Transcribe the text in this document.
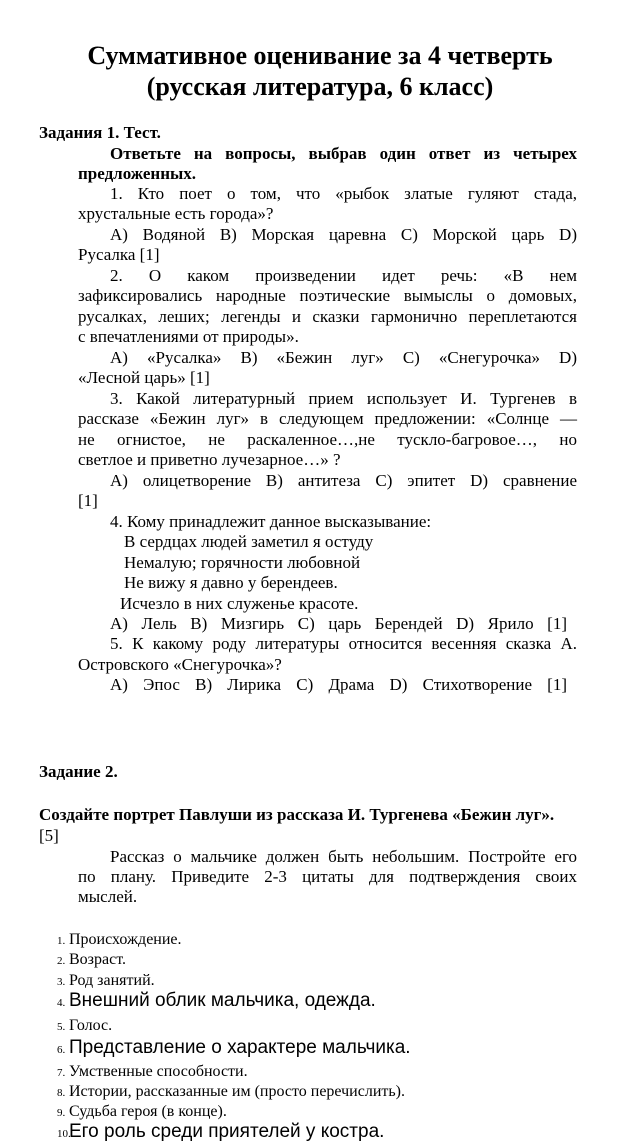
Суммативное оценивание за 4 четверть
(русская литература, 6 класс)
Задания 1. Тест.
Ответьте на вопросы, выбрав один ответ из четырех
предложенных.
1. Кто поет о том, что «рыбок златые гуляют стада,
хрустальные есть города»?
А) Водяной В) Морская царевна С) Морской царь D)
Русалка [1]
2. О каком произведении идет речь: «В нем
зафиксировались народные поэтические вымыслы о домовых,
русалках, леших; легенды и сказки гармонично переплетаются
с впечатлениями от природы».
А) «Русалка» В) «Бежин луг» С) «Снегурочка» D)
«Лесной царь» [1]
3. Какой литературный прием использует И. Тургенев в
рассказе «Бежин луг» в следующем предложении: «Солнце —
не огнистое, не раскаленное…,не тускло-багровое…, но
светлое и приветно лучезарное…» ?
А) олицетворение В) антитеза С) эпитет D) сравнение
[1]
4. Кому принадлежит данное высказывание:
В сердцах людей заметил я остуду
Немалую; горячности любовной
Не вижу я давно у берендеев.
Исчезло в них служенье красоте.
А) Лель В) Мизгирь С) царь Берендей D) Ярило [1]
5. К какому роду литературы относится весенняя сказка А.
Островского «Снегурочка»?
А) Эпос В) Лирика С) Драма D) Стихотворение [1]
Задание 2.
Создайте портрет Павлуши из рассказа И. Тургенева «Бежин луг».
[5]
Рассказ о мальчике должен быть небольшим. Постройте его
по плану. Приведите 2-3 цитаты для подтверждения своих
мыслей.
1. Происхождение.
2. Возраст.
3. Род занятий.
4. Внешний облик мальчика, одежда.
5. Голос.
6. Представление о характере мальчика.
7. Умственные способности.
8. Истории, рассказанные им (просто перечислить).
9. Судьба героя (в конце).
10.Его роль среди приятелей у костра.
